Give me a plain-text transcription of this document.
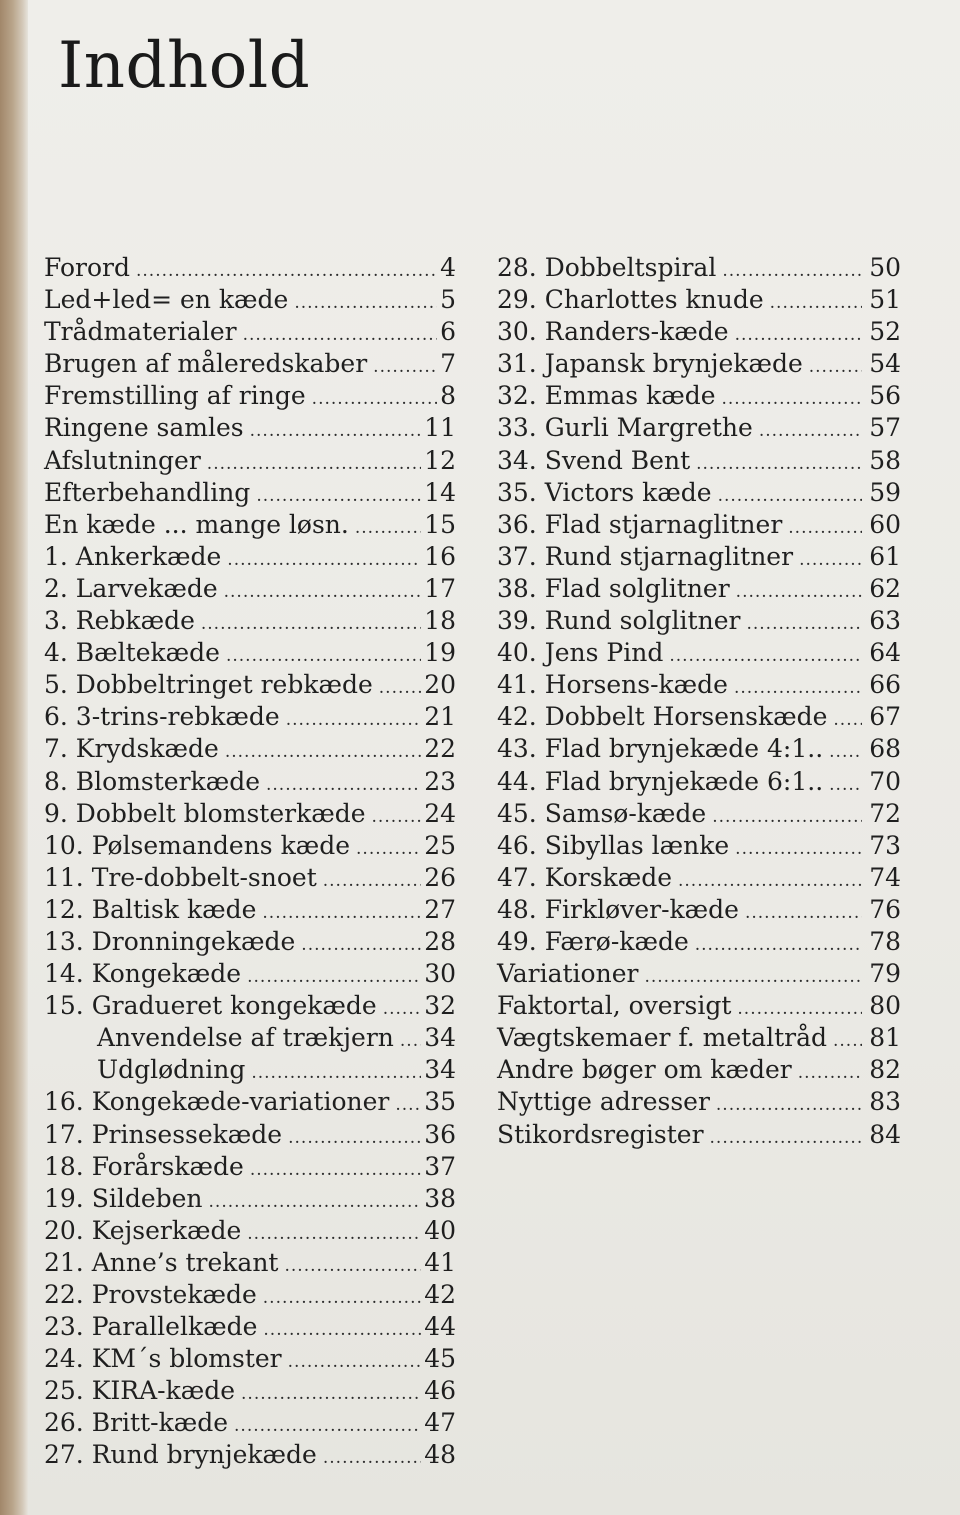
Indhold
Forord .....	4
Led+led= en kæde .....	5
Trådmaterialer .....	6
Brugen af måleredskaber .....	7
Fremstilling af ringe .....	8
Ringene samles .....	11
Afslutninger .....	12
Efterbehandling .....	14
En kæde ... mange løsn. .....	15
1. Ankerkæde .....	16
2. Larvekæde .....	17
3. Rebkæde .....	18
4. Bæltekæde .....	19
5. Dobbeltringet rebkæde ..... 20
6. 3-trins-rebkæde .....	21
7. Krydskæde .....	22
8. Blomsterkæde .....	23
9. Dobbelt blomsterkæde ..... 24
10. Pølsemandens kæde .....	25
11. Tre-dobbelt-snoet .....	26
12. Baltisk kæde .....	27
13. Dronningekæde .....	28
14. Kongekæde .....	30
15. Gradueret kongekæde ..... 32
Anvendelse af trækjern ..... 34
Udglødning .....	34
16. Kongekæde-variationer ..... 35
17. Prinsessekæde .....	36
18. Forårskæde .....	37
19. Sildeben .....	38
20. Kejserkæde .....	40
21. Anne’s trekant .....	41
22. Provstekæde .....	42
23. Parallelkæde .....	44
24. KM´s blomster .....	45
25. KIRA-kæde .....	46
26. Britt-kæde .....	47
27. Rund brynjekæde .....	48
28. Dobbeltspiral .....	50
29. Charlottes knude .....	51
30. Randers-kæde .....	52
31. Japansk brynjekæde .....	54
32. Emmas kæde .....	56
33. Gurli Margrethe .....	57
34. Svend Bent .....	58
35. Victors kæde .....	59
36. Flad stjarnaglitner .....	60
37. Rund stjarnaglitner .....	61
38. Flad solglitner .....	62
39. Rund solglitner .....	63
40. Jens Pind .....	64
41. Horsens-kæde .....	66
42. Dobbelt Horsenskæde ..... 67
43. Flad brynjekæde 4:1.. ..... 68
44. Flad brynjekæde 6:1.. ..... 70
45. Samsø-kæde .....	72
46. Sibyllas lænke .....	73
47. Korskæde .....	74
48. Firkløver-kæde .....	76
49. Færø-kæde .....	78
Variationer .....	79
Faktortal, oversigt .....	80
Vægtskemaer f. metaltråd ..... 81
Andre bøger om kæder .....	82
Nyttige adresser .....	83
Stikordsregister .....	84
